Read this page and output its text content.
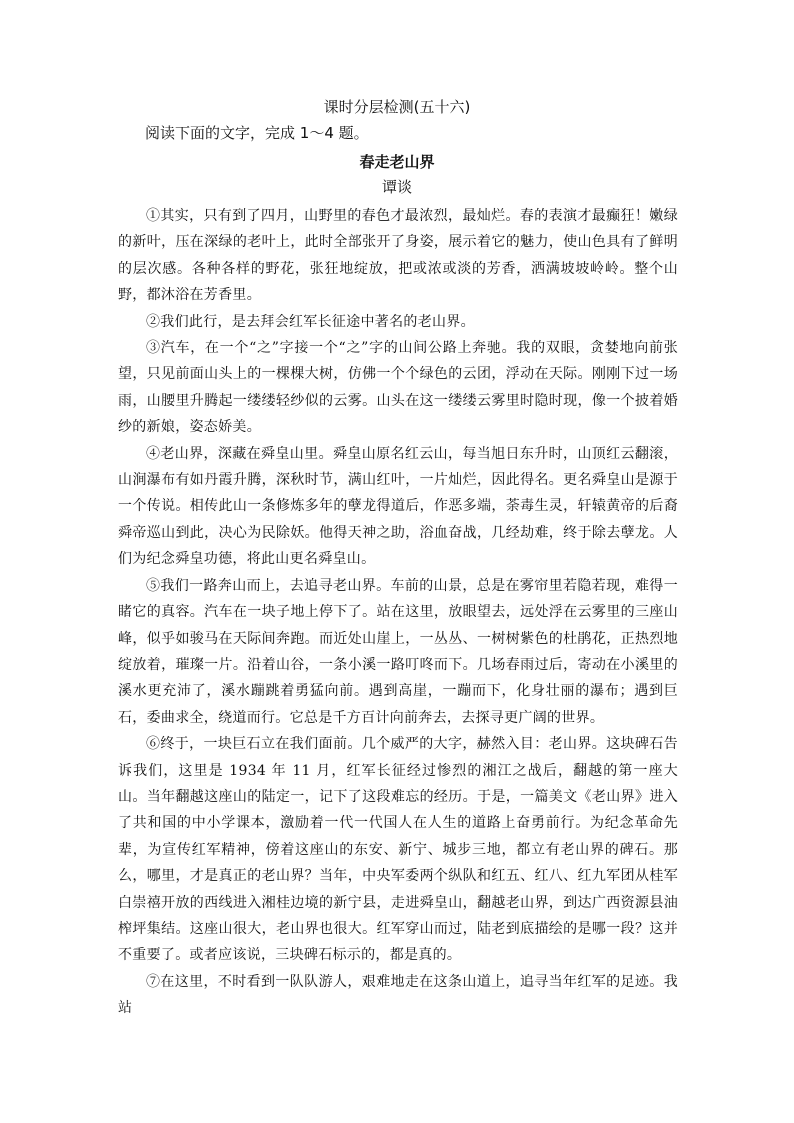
课时分层检测(五十六)
阅读下面的文字，完成 1～4 题。
春走老山界
谭谈

①其实，只有到了四月，山野里的春色才最浓烈，最灿烂。春的表演才最癫狂！嫩绿的新叶，压在深绿的老叶上，此时全部张开了身姿，展示着它的魅力，使山色具有了鲜明的层次感。各种各样的野花，张狂地绽放，把或浓或淡的芳香，洒满坡坡岭岭。整个山野，都沐浴在芳香里。

②我们此行，是去拜会红军长征途中著名的老山界。

③汽车，在一个“之”字接一个“之”字的山间公路上奔驰。我的双眼，贪婪地向前张望，只见前面山头上的一棵棵大树，仿佛一个个绿色的云团，浮动在天际。刚刚下过一场雨，山腰里升腾起一缕缕轻纱似的云雾。山头在这一缕缕云雾里时隐时现，像一个披着婚纱的新娘，姿态娇美。

④老山界，深藏在舜皇山里。舜皇山原名红云山，每当旭日东升时，山顶红云翻滚，山涧瀑布有如丹霞升腾，深秋时节，满山红叶，一片灿烂，因此得名。更名舜皇山是源于一个传说。相传此山一条修炼多年的孽龙得道后，作恶多端，荼毒生灵，轩辕黄帝的后裔舜帝巡山到此，决心为民除妖。他得天神之助，浴血奋战，几经劫难，终于除去孽龙。人们为纪念舜皇功德，将此山更名舜皇山。

⑤我们一路奔山而上，去追寻老山界。车前的山景，总是在雾帘里若隐若现，难得一睹它的真容。汽车在一块子地上停下了。站在这里，放眼望去，远处浮在云雾里的三座山峰，似乎如骏马在天际间奔跑。而近处山崖上，一丛丛、一树树紫色的杜鹃花，正热烈地绽放着，璀璨一片。沿着山谷，一条小溪一路叮咚而下。几场春雨过后，寄动在小溪里的溪水更充沛了，溪水蹦跳着勇猛向前。遇到高崖，一蹦而下，化身壮丽的瀑布；遇到巨石，委曲求全，绕道而行。它总是千方百计向前奔去，去探寻更广阔的世界。

⑥终于，一块巨石立在我们面前。几个威严的大字，赫然入目：老山界。这块碑石告诉我们，这里是 1934 年 11 月，红军长征经过惨烈的湘江之战后，翻越的第一座大山。当年翻越这座山的陆定一，记下了这段难忘的经历。于是，一篇美文《老山界》进入了共和国的中小学课本，激励着一代一代国人在人生的道路上奋勇前行。为纪念革命先辈，为宣传红军精神，傍着这座山的东安、新宁、城步三地，都立有老山界的碑石。那么，哪里，才是真正的老山界？当年，中央军委两个纵队和红五、红八、红九军团从桂军白崇禧开放的西线进入湘桂边境的新宁县，走进舜皇山，翻越老山界，到达广西资源县油榨坪集结。这座山很大，老山界也很大。红军穿山而过，陆老到底描绘的是哪一段？这并不重要了。或者应该说，三块碑石标示的，都是真的。

⑦在这里，不时看到一队队游人，艰难地走在这条山道上，追寻当年红军的足迹。我站
